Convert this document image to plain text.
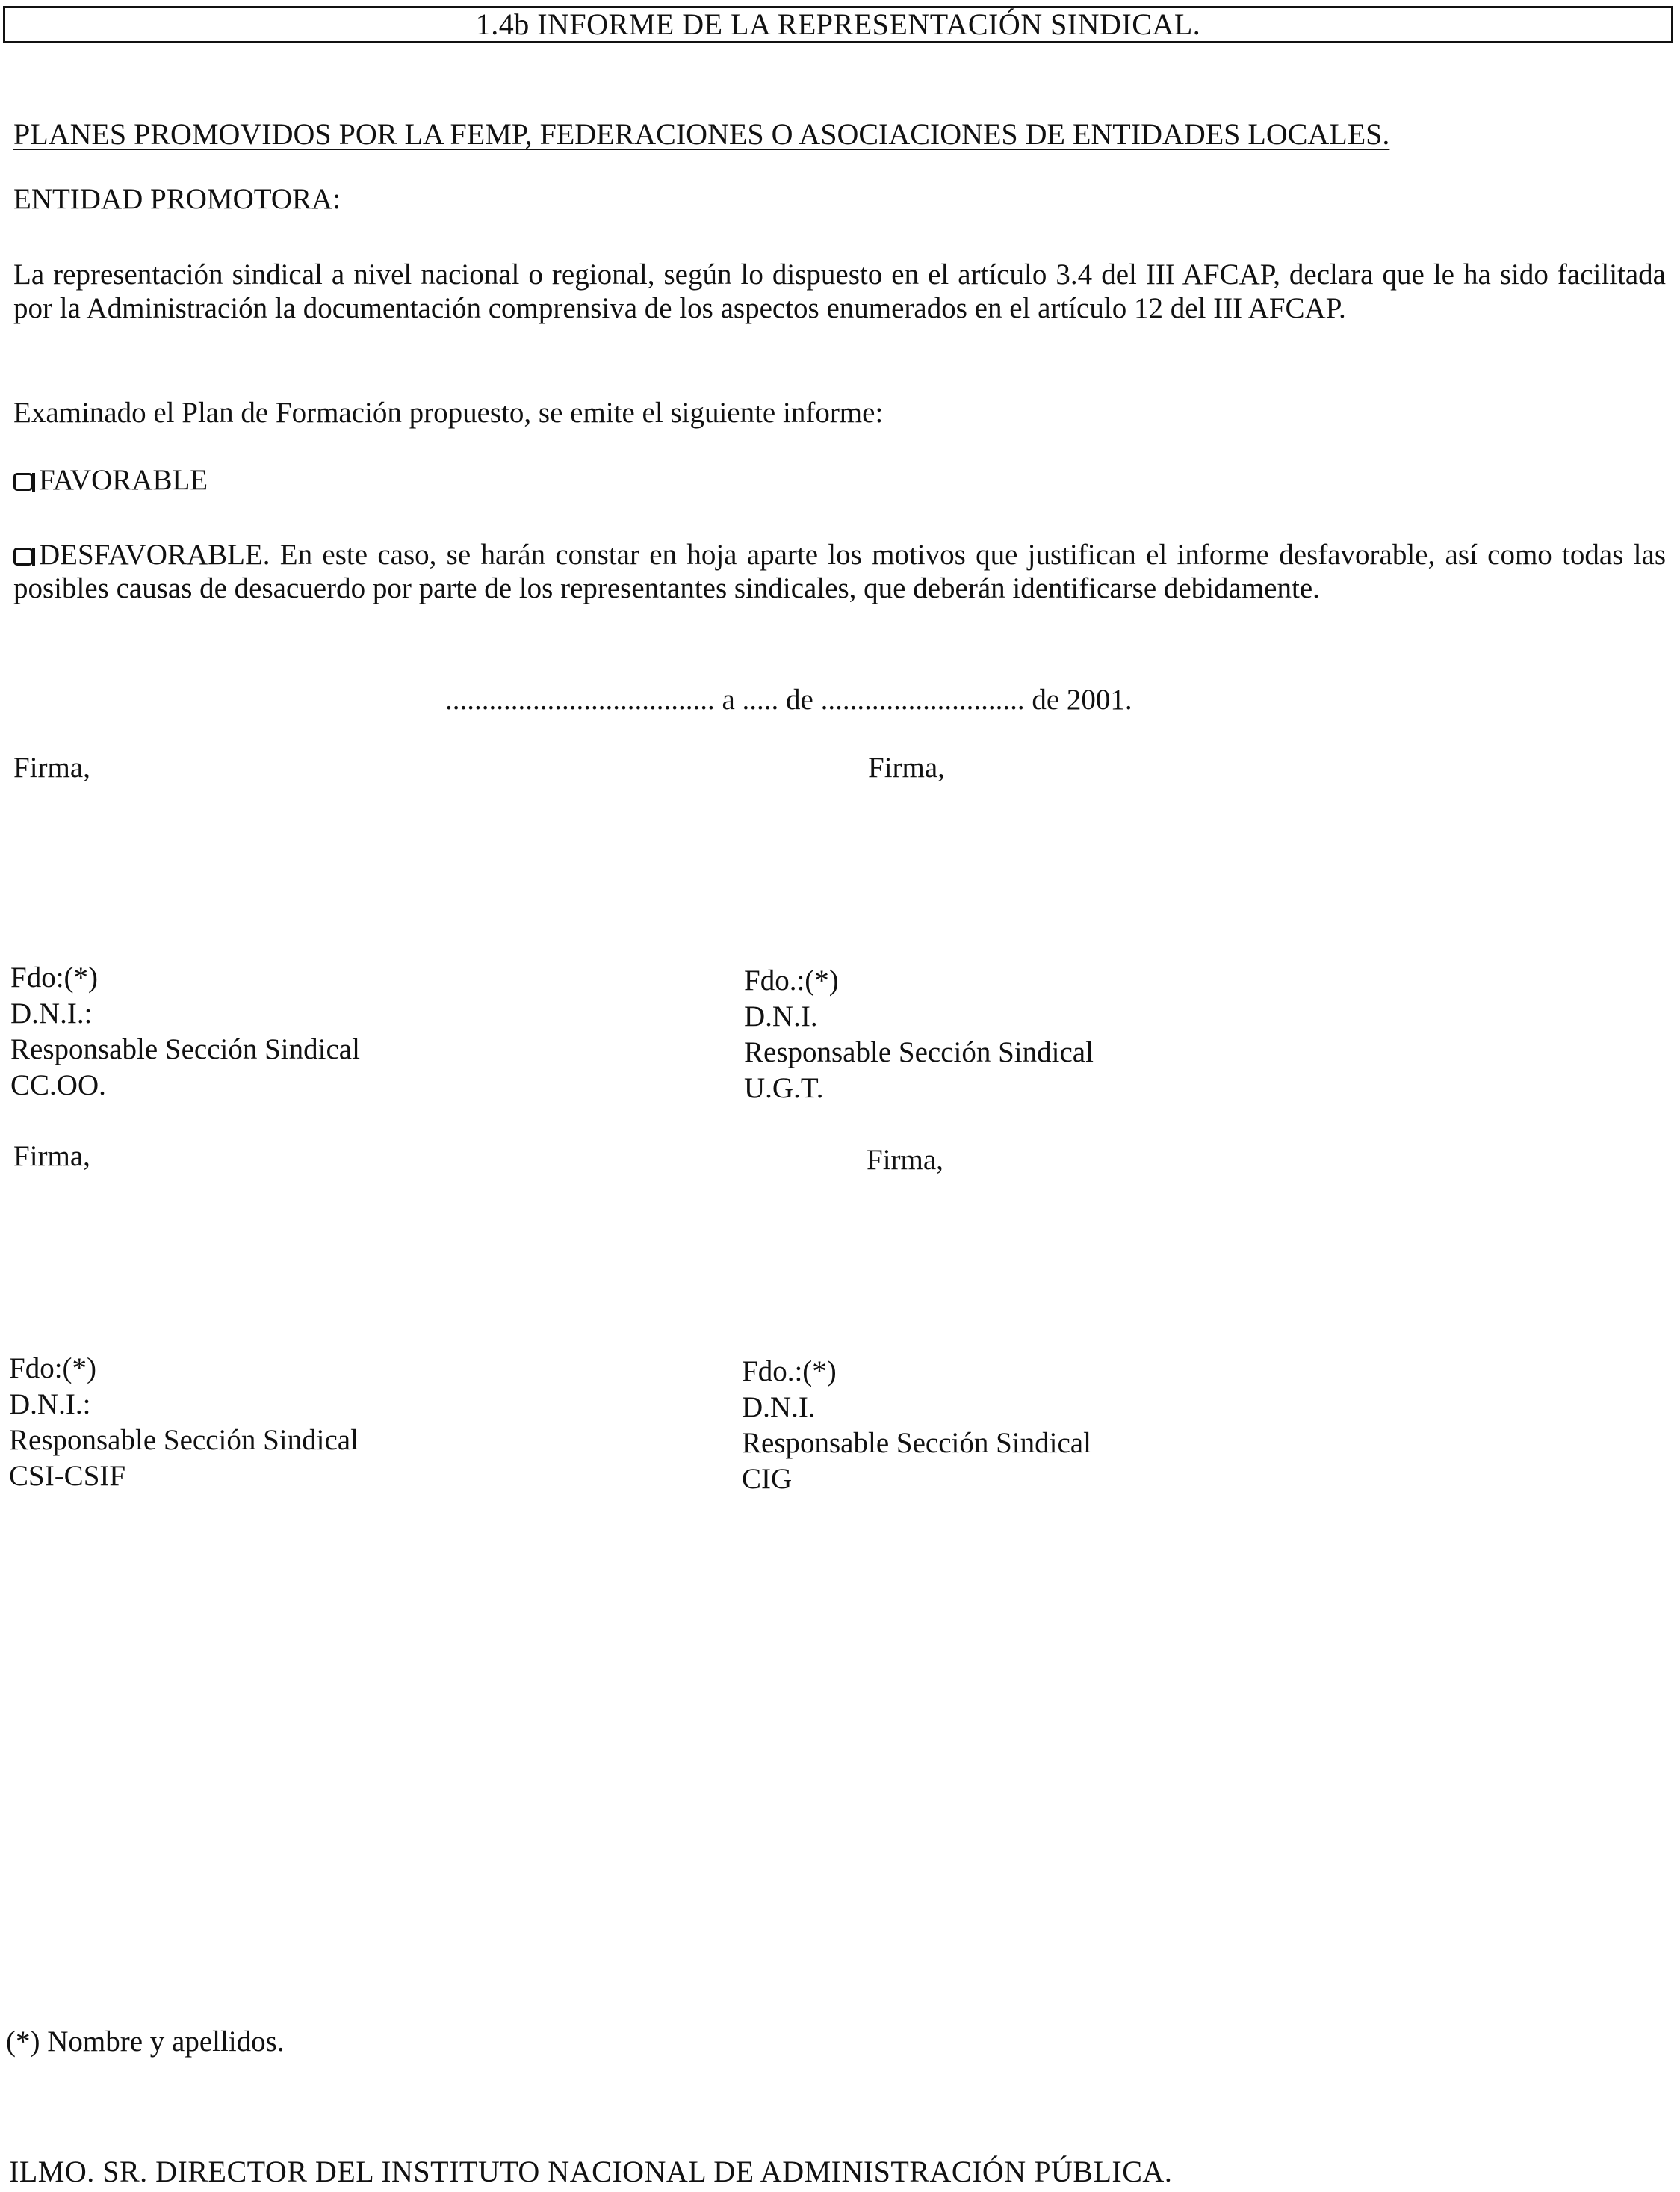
1.4b INFORME DE LA REPRESENTACIÓN SINDICAL.
PLANES PROMOVIDOS POR LA FEMP, FEDERACIONES O ASOCIACIONES DE ENTIDADES LOCALES.
ENTIDAD PROMOTORA:
La representación sindical a nivel nacional o regional, según lo dispuesto en el artículo 3.4 del III AFCAP, declara que le ha sido facilitada por la Administración la documentación comprensiva de los aspectos enumerados en el artículo 12 del III AFCAP.
Examinado el Plan de Formación propuesto, se emite el siguiente informe:
FAVORABLE
DESFAVORABLE. En este caso, se harán constar en hoja aparte los motivos que justifican el informe desfavorable, así como todas las posibles causas de desacuerdo por parte de los representantes sindicales, que deberán identificarse debidamente.
..................................... a ..... de ............................ de 2001.
Firma,	Firma,
Fdo:(*)
D.N.I.:
Responsable Sección Sindical
CC.OO.
Fdo.:(*)
D.N.I.
Responsable Sección Sindical
U.G.T.
Firma,	Firma,
Fdo:(*)
D.N.I.:
Responsable Sección Sindical
CSI-CSIF
Fdo.:(*)
D.N.I.
Responsable Sección Sindical
CIG
(*) Nombre y apellidos.
ILMO. SR. DIRECTOR DEL INSTITUTO NACIONAL DE ADMINISTRACIÓN PÚBLICA.
